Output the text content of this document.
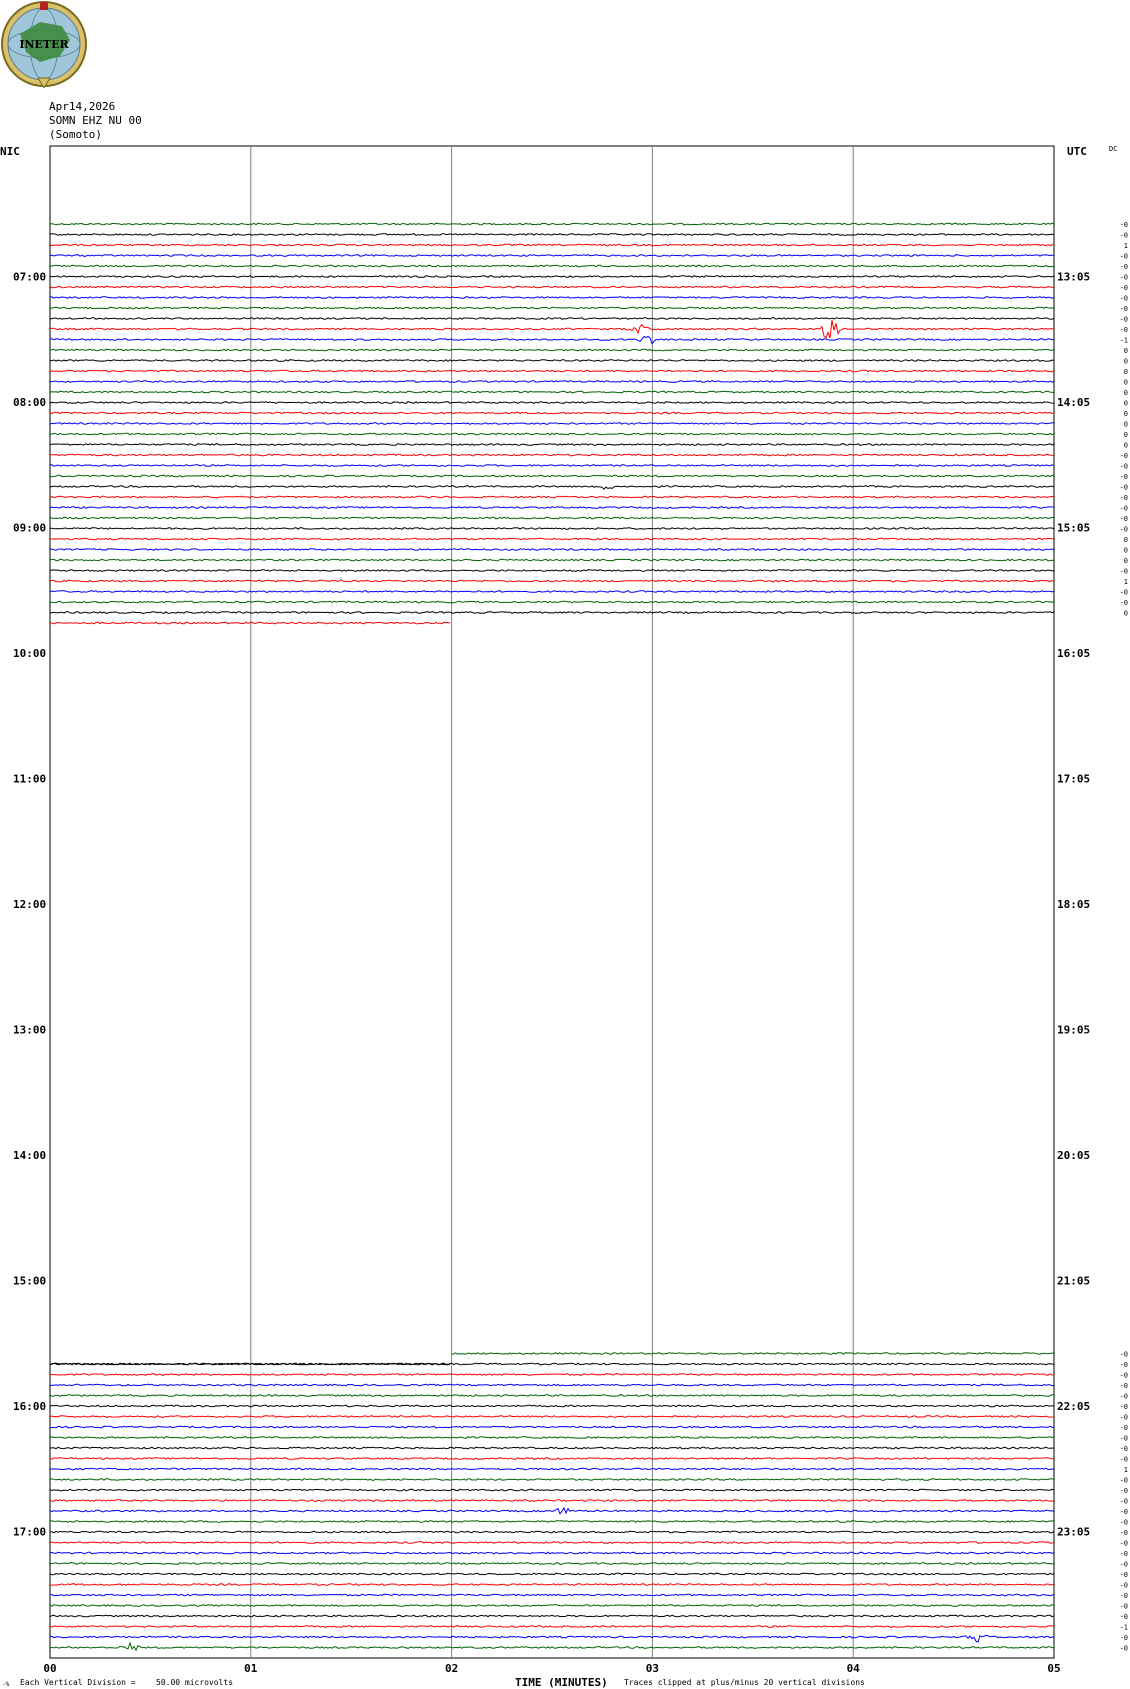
INETER
Apr14,2026
SOMN EHZ NU 00
(Somoto)
-0
-0
1
-0
-0
-0
-0
-0
-0
-0
-0
-1
0
0
0
0
0
0
0
0
0
0
-0
-0
-0
-0
-0
-0
-0
-0
0
0
0
-0
1
-0
-0
0
-0
-0
-0
-0
-0
-0
-0
-0
-0
-0
-0
1
-0
-0
-0
-0
-0
-0
-0
-0
-0
-0
-0
-0
-0
-0
-1
-0
-0
07:00	13:05
08:00	14:05
09:00	15:05
10:00	16:05
11:00	17:05
12:00	18:05
13:00	19:05
14:00	20:05
15:00	21:05
16:00	22:05
17:00	23:05
NIC	UTC	DC
00	01	02	03	04	05
-% Each Vertical Division =	50.00 microvolts	TIME (MINUTES) Traces clipped at plus/minus 20 vertical divisions
